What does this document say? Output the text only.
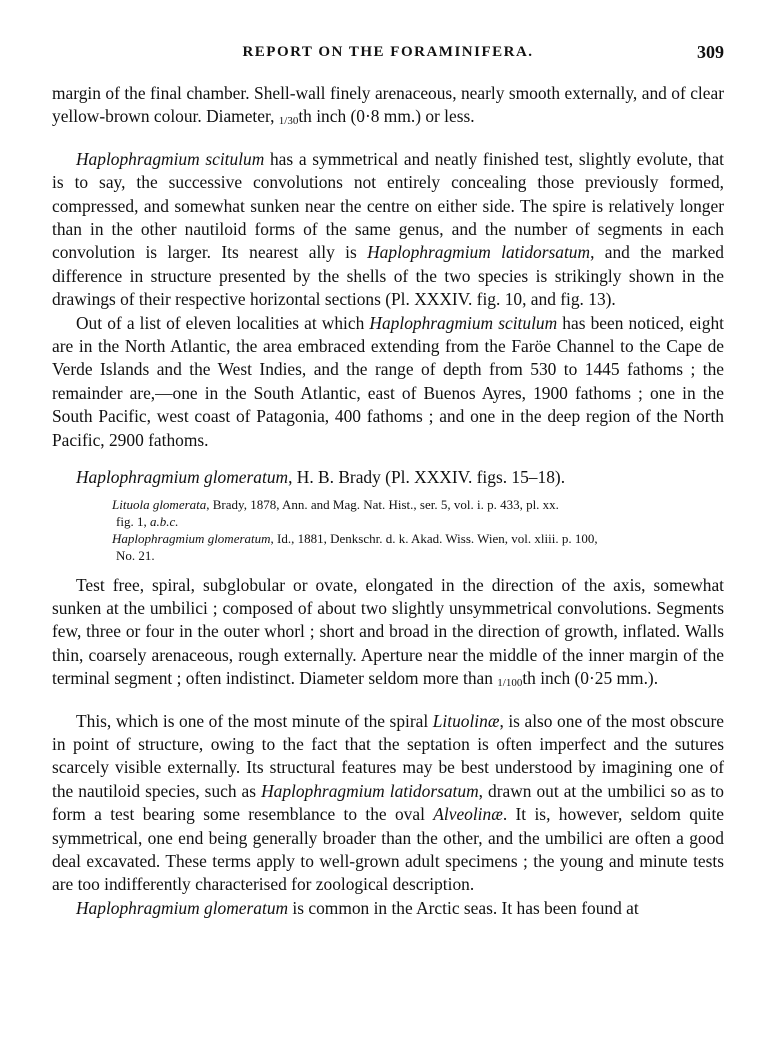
REPORT ON THE FORAMINIFERA.	309

margin of the final chamber. Shell-wall finely arenaceous, nearly smooth externally, and of clear yellow-brown colour. Diameter, 1/30th inch (0·8 mm.) or less.

Haplophragmium scitulum has a symmetrical and neatly finished test, slightly evolute, that is to say, the successive convolutions not entirely concealing those previously formed, compressed, and somewhat sunken near the centre on either side. The spire is relatively longer than in the other nautiloid forms of the same genus, and the number of segments in each convolution is larger. Its nearest ally is Haplophragmium latidorsatum, and the marked difference in structure presented by the shells of the two species is strikingly shown in the drawings of their respective horizontal sections (Pl. XXXIV. fig. 10, and fig. 13).

Out of a list of eleven localities at which Haplophragmium scitulum has been noticed, eight are in the North Atlantic, the area embraced extending from the Faröe Channel to the Cape de Verde Islands and the West Indies, and the range of depth from 530 to 1445 fathoms ; the remainder are,—one in the South Atlantic, east of Buenos Ayres, 1900 fathoms ; one in the South Pacific, west coast of Patagonia, 400 fathoms ; and one in the deep region of the North Pacific, 2900 fathoms.

Haplophragmium glomeratum, H. B. Brady (Pl. XXXIV. figs. 15–18).

Lituola glomerata, Brady, 1878, Ann. and Mag. Nat. Hist., ser. 5, vol. i. p. 433, pl. xx.
fig. 1, a.b.c.

Haplophragmium glomeratum, Id., 1881, Denkschr. d. k. Akad. Wiss. Wien, vol. xliii. p. 100,
No. 21.

Test free, spiral, subglobular or ovate, elongated in the direction of the axis, somewhat sunken at the umbilici ; composed of about two slightly unsymmetrical convolutions. Segments few, three or four in the outer whorl ; short and broad in the direction of growth, inflated. Walls thin, coarsely arenaceous, rough externally. Aperture near the middle of the inner margin of the terminal segment ; often indistinct. Diameter seldom more than 1/100th inch (0·25 mm.).

This, which is one of the most minute of the spiral Lituolinæ, is also one of the most obscure in point of structure, owing to the fact that the septation is often imperfect and the sutures scarcely visible externally. Its structural features may be best understood by imagining one of the nautiloid species, such as Haplophragmium latidorsatum, drawn out at the umbilici so as to form a test bearing some resemblance to the oval Alveolinæ. It is, however, seldom quite symmetrical, one end being generally broader than the other, and the umbilici are often a good deal excavated. These terms apply to well-grown adult specimens ; the young and minute tests are too indifferently characterised for zoological description.

Haplophragmium glomeratum is common in the Arctic seas. It has been found at
